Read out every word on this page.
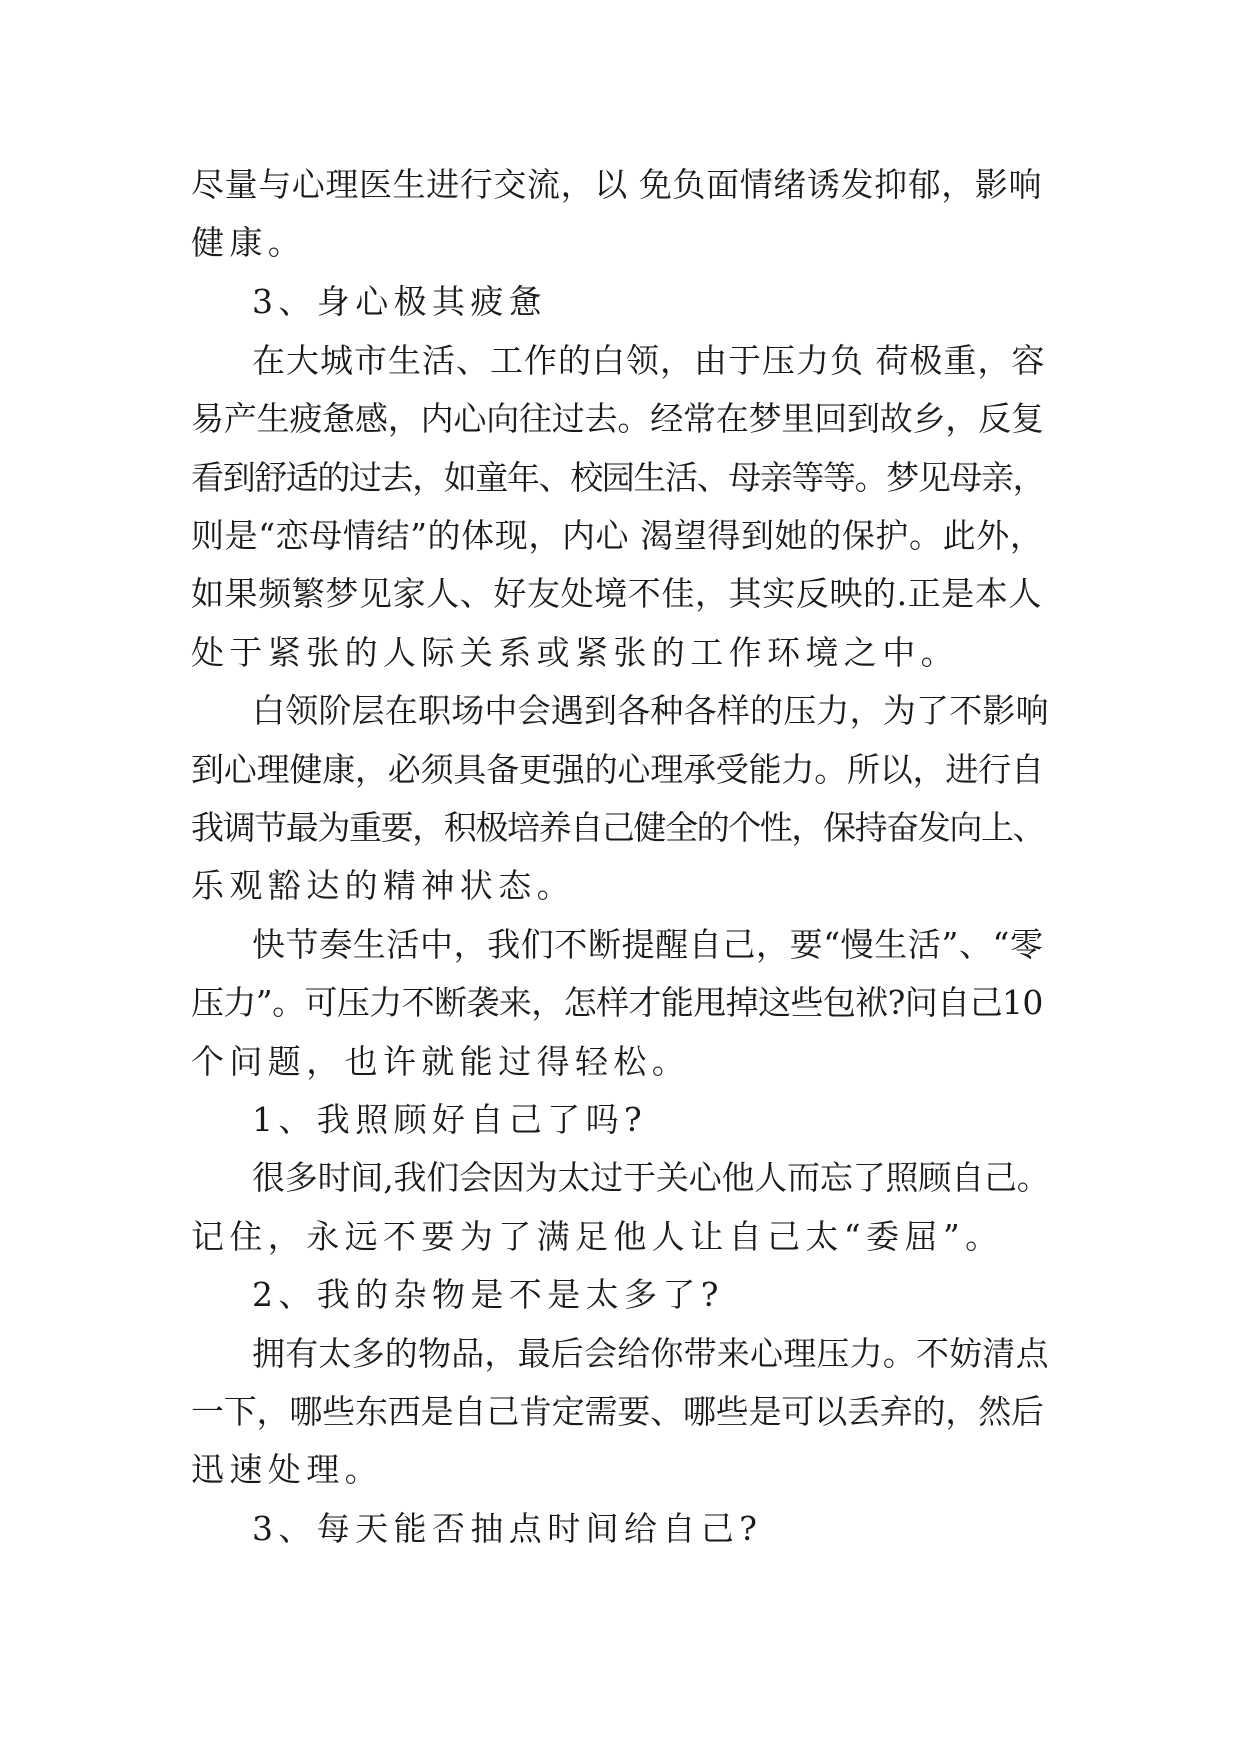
尽量与心理医生进行交流，以 免负面情绪诱发抑郁，影响
健康。
3、身心极其疲惫
在大城市生活、工作的白领，由于压力负 荷极重，容
易产生疲惫感，内心向往过去。经常在梦里回到故乡，反复
看到舒适的过去，如童年、校园生活、母亲等等。梦见母亲，
则是“恋母情结”的体现，内心 渴望得到她的保护。此外，
如果频繁梦见家人、好友处境不佳，其实反映的.正是本人
处于紧张的人际关系或紧张的工作环境之中。
白领阶层在职场中会遇到各种各样的压力，为了不影响
到心理健康，必须具备更强的心理承受能力。所以，进行自
我调节最为重要，积极培养自己健全的个性，保持奋发向上、
乐观豁达的精神状态。
快节奏生活中，我们不断提醒自己，要“慢生活”、“零
压力”。可压力不断袭来，怎样才能甩掉这些包袱?问自己10
个问题，也许就能过得轻松。
1、我照顾好自己了吗?
很多时间,我们会因为太过于关心他人而忘了照顾自己。
记住，永远不要为了满足他人让自己太“委屈”。
2、我的杂物是不是太多了?
拥有太多的物品，最后会给你带来心理压力。不妨清点
一下，哪些东西是自己肯定需要、哪些是可以丢弃的，然后
迅速处理。
3、每天能否抽点时间给自己?
